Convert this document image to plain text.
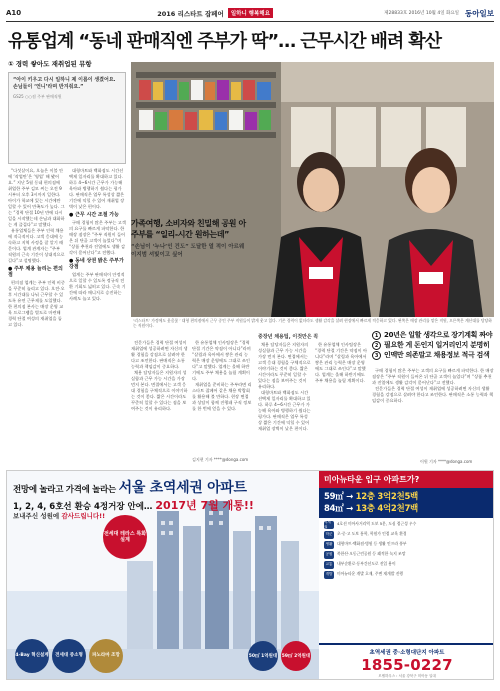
A10	2016 리스타트 잡페어	일하니 행복해요	제28833호 2016년 10월 4일 화요일 동아일보
유통업계 “동네 판매직엔 주부가 딱”… 근무시간 배려 확산
① 경력 쌓아도 재취업된 뮤항
“아이 키우고 다시 일하니 제 이름이 생겼어요. 손님들이 ‘언니’라며 반겨줘요.”
GS25 ○○점 주부 판매직원

“다섯살이요, 오늘은 이불 안에 ‘작업만’은 ‘영업’ 해 봤어요.” 지난 5월 동네 편의점에 취업한 주부 김모 씨는 오전 9시부터 오후 3시까지 일한다. 아이가 학교에 있는 시간에만 일할 수 있어 만족도가 높다. 그는 “경력 단절 10년 만에 다시 일을 시작했는데 손님과 대화하는 게 즐겁다”고 말했다.

유통업체들은 주부 인력 채용에 적극적이다. 고객 응대에 능숙하고 지역 사정을 잘 알기 때문이다. 업계 관계자는 “주부 직원의 근속 기간이 상대적으로 길다”고 설명했다.

● 주부 채용 늘리는 편의점

편의점 업계는 주부 인력 비중을 꾸준히 늘리고 있다. 오전·오후 시간대를 나눠 근무할 수 있도록 유연 근무제를 도입했다. 한 편의점 본사는 매장 운영 교육 프로그램을 별도로 마련해 경력 단절 여성의 재취업을 돕고 있다.

대형마트와 백화점도 시간선택제 일자리를 확대하고 있다. 하루 4~6시간 근무가 가능해 육아와 병행하기 쉽다는 평가다. 판매직은 업무 특성상 짧은 기간에 익힐 수 있어 재취업 장벽이 낮은 편이다.

● 근무 시간 조절 가능

구매 경험이 많은 주부는 고객의 요구를 빠르게 파악한다. 한 매장 점장은 “주부 직원이 들어온 뒤 단골 고객이 늘었다”며 “상품 추천과 진열에도 생활 감각이 묻어난다”고 전했다.

● 동네 상권 밝은 주부가 강점

업계는 주부 판매직이 안정적으로 일할 수 있도록 정규직 전환 기회도 넓히고 있다. 근속 기간에 따라 매니저로 승진하는 사례도 늘고 있다.

가족여행, 소비자와 친밀해 공원 아주부를 “일리-시간 원하는데”
“손님이 ‘누나’인 건도” 도달한 열 적이 아르웨 이지범 셔빛이고 싶어
‘리스타트’ 가정에도 웃음꽃 ’ 대형 편의점에서 근무 중인 주부 직원들이 밝게 웃고 있다. 기존 경력이 없더라도 생활 감각을 살려 현장에서 빠르게 적응하고 있다. 왼쪽은 매장 관리를 맡은 직원, 오른쪽은 계산대를 담당하는 직원이다.

전문가들은 경력 단절 여성이 재취업에 성공하려면 자신의 생활 경험을 강점으로 살려야 한다고 조언한다. 판매직은 소통 능력과 책임감이 중요하다.

채용 담당자들은 지원자의 성실함과 근무 가능 시간을 가장 먼저 본다. 면접에서는 고객 응대 경험을 구체적으로 이야기하는 것이 좋다. 짧은 시간이라도 꾸준히 일할 수 있다는 점을 보여주는 것이 유리하다.

한 유통업체 인사팀장은 “경력 단절 기간은 약점이 아니다”라며 “살림과 육아에서 쌓은 관리 능력은 매장 운영에도 그대로 쓰인다”고 말했다. 업계는 올해 하반기에도 주부 채용을 늘릴 계획이다.

재취업을 준비하는 주부라면 리스타트 잡페어 같은 채용 박람회를 활용해 볼 만하다. 현장 면접과 상담이 함께 진행돼 구직 정보를 한 번에 얻을 수 있다.

김지현 기자 ****@donga.com
중장년 채용팁, 이것만은 꼭

채용 담당자들은 지원자의 성실함과 근무 가능 시간을 가장 먼저 본다. 면접에서는 고객 응대 경험을 구체적으로 이야기하는 것이 좋다. 짧은 시간이라도 꾸준히 일할 수 있다는 점을 보여주는 것이 유리하다.

대형마트와 백화점도 시간선택제 일자리를 확대하고 있다. 하루 4~6시간 근무가 가능해 육아와 병행하기 쉽다는 평가다. 판매직은 업무 특성상 짧은 기간에 익힐 수 있어 재취업 장벽이 낮은 편이다.

한 유통업체 인사팀장은 “경력 단절 기간은 약점이 아니다”라며 “살림과 육아에서 쌓은 관리 능력은 매장 운영에도 그대로 쓰인다”고 말했다. 업계는 올해 하반기에도 주부 채용을 늘릴 계획이다.

1 20년은 일할 생각으로 장기계획 짜야
2 필요한 게 돈인지 일거리인지 분명히
3 인맥만 의존말고 채용정보 적극 검색

구매 경험이 많은 주부는 고객의 요구를 빠르게 파악한다. 한 매장 점장은 “주부 직원이 들어온 뒤 단골 고객이 늘었다”며 “상품 추천과 진열에도 생활 감각이 묻어난다”고 전했다.

전문가들은 경력 단절 여성이 재취업에 성공하려면 자신의 생활 경험을 강점으로 살려야 한다고 조언한다. 판매직은 소통 능력과 책임감이 중요하다.

이원 기자 ****@donga.com
전망에 놀라고 가격에 놀라는 서울 초역세권 아파트
1, 2, 4, 6호선 환승 4정거장 안에… 2017년 7월 개통!!
보내주신 성원에 감사드립니다!!
전세대 테라스 특화설계
4-Bay 혁신설계	전세대 중소형	파노라마 조망	50㎡ 1억원대 59㎡ 2억원대
미아뉴타운 입구 아파트가?
59㎡ → 12층 3억2천5백
84㎡ → 13층 4억2천7백
역세권
4호선 미아사거리역 도보 5분, 도심 접근성 우수
학군	초·중·고 도보 통학, 학원가 인접 교육 환경
생활	대형마트·백화점·병원 등 생활 인프라 풍부
공원	북한산·오동근린공원 등 쾌적한 녹지 조망
교통	내부순환로·동부간선도로 진입 용이
개발	미아뉴타운 개발 호재, 주변 재개발 진행
초역세권 중·소형대단지 아파트
1855-0227
모델하우스 : 서울 강북구 미아동 일대
